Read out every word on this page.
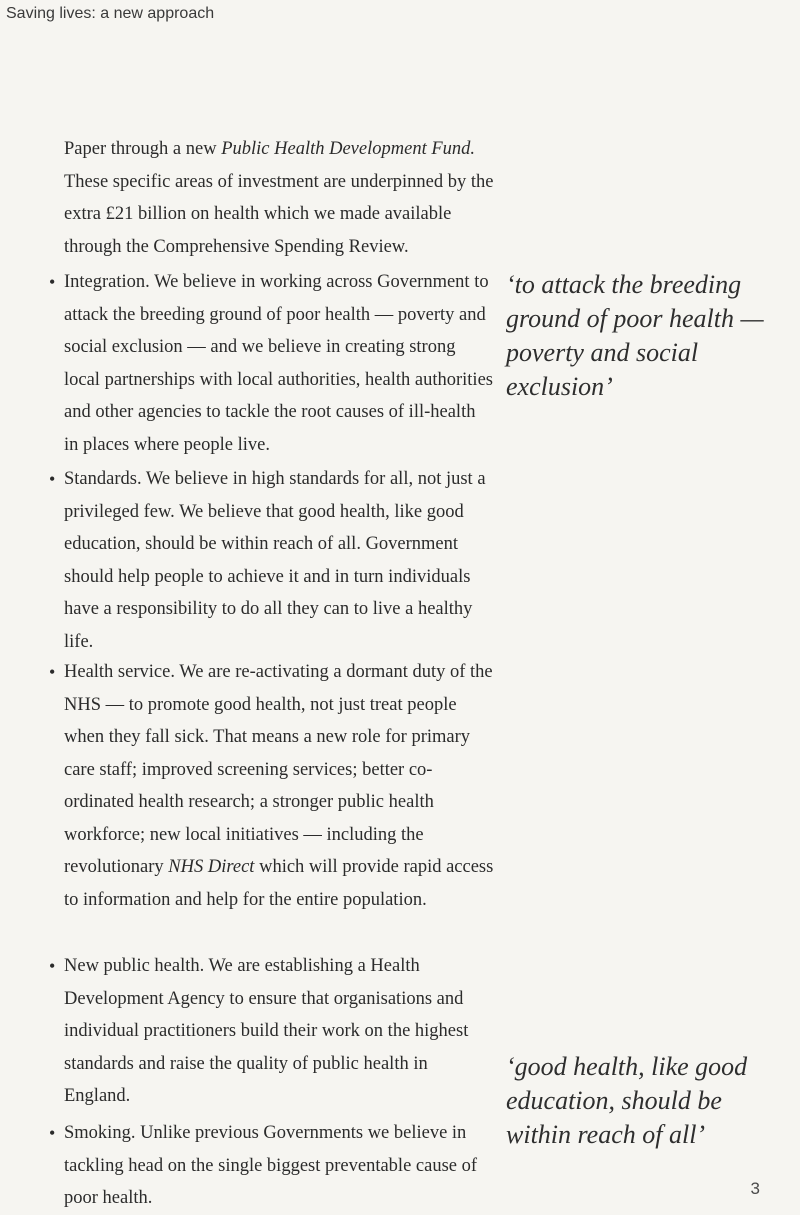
Saving lives: a new approach
Paper through a new Public Health Development Fund. These specific areas of investment are underpinned by the extra £21 billion on health which we made available through the Comprehensive Spending Review.
• Integration. We believe in working across Government to attack the breeding ground of poor health — poverty and social exclusion — and we believe in creating strong local partnerships with local authorities, health authorities and other agencies to tackle the root causes of ill-health in places where people live.
• Standards. We believe in high standards for all, not just a privileged few. We believe that good health, like good education, should be within reach of all. Government should help people to achieve it and in turn individuals have a responsibility to do all they can to live a healthy life.
• Health service. We are re-activating a dormant duty of the NHS — to promote good health, not just treat people when they fall sick. That means a new role for primary care staff; improved screening services; better co-ordinated health research; a stronger public health workforce; new local initiatives — including the revolutionary NHS Direct which will provide rapid access to information and help for the entire population.
• New public health. We are establishing a Health Development Agency to ensure that organisations and individual practitioners build their work on the highest standards and raise the quality of public health in England.
• Smoking. Unlike previous Governments we believe in tackling head on the single biggest preventable cause of poor health.
‘to attack the breeding
ground of poor health —
poverty and social
exclusion’
‘good health, like good
education, should be
within reach of all’
3
